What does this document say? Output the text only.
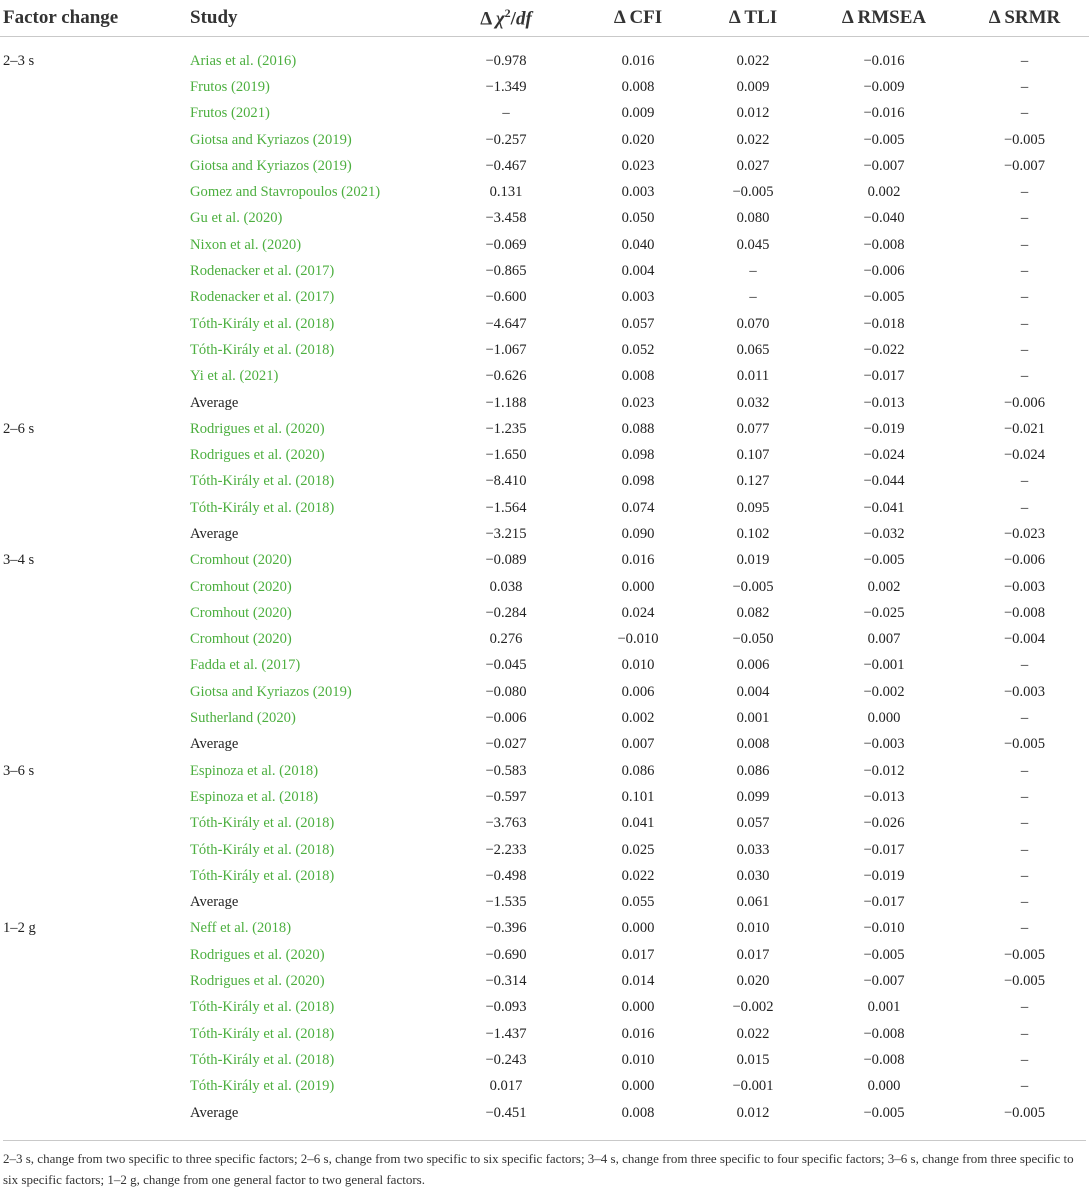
Factor change	Study	Δ $\chi^2/df$	Δ CFI	Δ TLI	Δ RMSEA	Δ SRMR

2–3 s	Arias et al. (2016)	−0.978	0.016	0.022	−0.016	–
	Frutos (2019)	−1.349	0.008	0.009	−0.009	–
	Frutos (2021)	–	0.009	0.012	−0.016	–
	Giotsa and Kyriazos (2019)	−0.257	0.020	0.022	−0.005	−0.005
	Giotsa and Kyriazos (2019)	−0.467	0.023	0.027	−0.007	−0.007
	Gomez and Stavropoulos (2021)	0.131	0.003	−0.005	0.002	–
	Gu et al. (2020)	−3.458	0.050	0.080	−0.040	–
	Nixon et al. (2020)	−0.069	0.040	0.045	−0.008	–
	Rodenacker et al. (2017)	−0.865	0.004	–	−0.006	–
	Rodenacker et al. (2017)	−0.600	0.003	–	−0.005	–
	Tóth-Király et al. (2018)	−4.647	0.057	0.070	−0.018	–
	Tóth-Király et al. (2018)	−1.067	0.052	0.065	−0.022	–
	Yi et al. (2021)	−0.626	0.008	0.011	−0.017	–
	Average	−1.188	0.023	0.032	−0.013	−0.006
2–6 s	Rodrigues et al. (2020)	−1.235	0.088	0.077	−0.019	−0.021
	Rodrigues et al. (2020)	−1.650	0.098	0.107	−0.024	−0.024
	Tóth-Király et al. (2018)	−8.410	0.098	0.127	−0.044	–
	Tóth-Király et al. (2018)	−1.564	0.074	0.095	−0.041	–
	Average	−3.215	0.090	0.102	−0.032	−0.023
3–4 s	Cromhout (2020)	−0.089	0.016	0.019	−0.005	−0.006
	Cromhout (2020)	0.038	0.000	−0.005	0.002	−0.003
	Cromhout (2020)	−0.284	0.024	0.082	−0.025	−0.008
	Cromhout (2020)	0.276	−0.010	−0.050	0.007	−0.004
	Fadda et al. (2017)	−0.045	0.010	0.006	−0.001	–
	Giotsa and Kyriazos (2019)	−0.080	0.006	0.004	−0.002	−0.003
	Sutherland (2020)	−0.006	0.002	0.001	0.000	–
	Average	−0.027	0.007	0.008	−0.003	−0.005
3–6 s	Espinoza et al. (2018)	−0.583	0.086	0.086	−0.012	–
	Espinoza et al. (2018)	−0.597	0.101	0.099	−0.013	–
	Tóth-Király et al. (2018)	−3.763	0.041	0.057	−0.026	–
	Tóth-Király et al. (2018)	−2.233	0.025	0.033	−0.017	–
	Tóth-Király et al. (2018)	−0.498	0.022	0.030	−0.019	–
	Average	−1.535	0.055	0.061	−0.017	–
1–2 g	Neff et al. (2018)	−0.396	0.000	0.010	−0.010	–
	Rodrigues et al. (2020)	−0.690	0.017	0.017	−0.005	−0.005
	Rodrigues et al. (2020)	−0.314	0.014	0.020	−0.007	−0.005
	Tóth-Király et al. (2018)	−0.093	0.000	−0.002	0.001	–
	Tóth-Király et al. (2018)	−1.437	0.016	0.022	−0.008	–
	Tóth-Király et al. (2018)	−0.243	0.010	0.015	−0.008	–
	Tóth-Király et al. (2019)	0.017	0.000	−0.001	0.000	–
	Average	−0.451	0.008	0.012	−0.005	−0.005
2–3 s, change from two specific to three specific factors; 2–6 s, change from two specific to six specific factors; 3–4 s, change from three specific to four specific factors; 3–6 s, change from three specific to six specific factors; 1–2 g, change from one general factor to two general factors.
